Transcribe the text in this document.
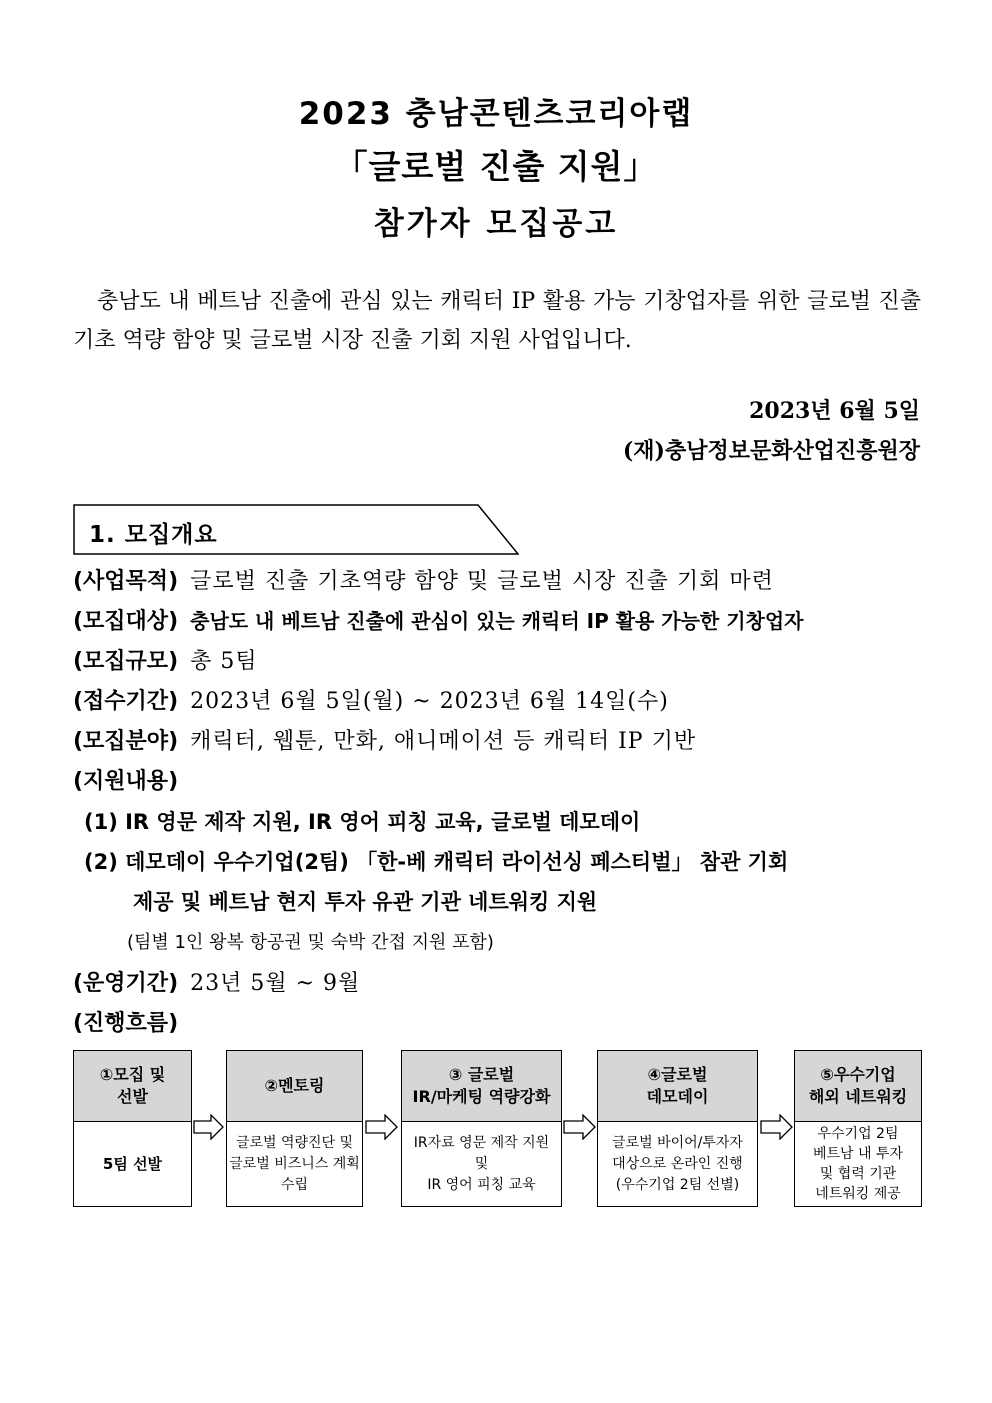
2023 충남콘텐츠코리아랩
「글로벌 진출 지원」
참가자 모집공고
충남도 내 베트남 진출에 관심 있는 캐릭터 IP 활용 가능 기창업자를 위한 글로벌 진출 기초 역량 함양 및 글로벌 시장 진출 기회 지원 사업입니다.
2023년 6월 5일
(재)충남정보문화산업진흥원장
1. 모집개요
(사업목적) 글로벌 진출 기초역량 함양 및 글로벌 시장 진출 기회 마련
(모집대상) 충남도 내 베트남 진출에 관심이 있는 캐릭터 IP 활용 가능한 기창업자
(모집규모) 총 5팀
(접수기간) 2023년 6월 5일(월) ~ 2023년 6월 14일(수)
(모집분야) 캐릭터, 웹툰, 만화, 애니메이션 등 캐릭터 IP 기반
(지원내용)
(1) IR 영문 제작 지원, IR 영어 피칭 교육, 글로벌 데모데이
(2) 데모데이 우수기업(2팀) 「한-베 캐릭터 라이선싱 페스티벌」 참관 기회
제공 및 베트남 현지 투자 유관 기관 네트워킹 지원
(팀별 1인 왕복 항공권 및 숙박 간접 지원 포함)
(운영기간) 23년 5월 ~ 9월
(진행흐름)
①모집 및
선발
5팀 선발
②멘토링
글로벌 역량진단 및
글로벌 비즈니스 계획
수립
③ 글로벌
IR/마케팅 역량강화
IR자료 영문 제작 지원
및
IR 영어 피칭 교육
④글로벌
데모데이
글로벌 바이어/투자자
대상으로 온라인 진행
(우수기업 2팀 선별)
⑤우수기업
해외 네트워킹
우수기업 2팀
베트남 내 투자
및 협력 기관
네트워킹 제공
